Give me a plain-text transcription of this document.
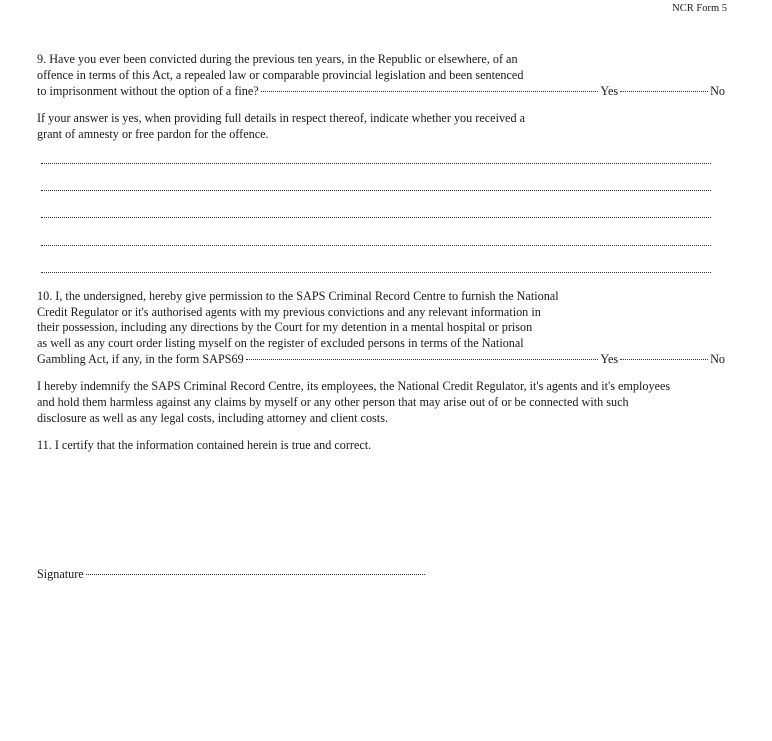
NCR Form 5
9. Have you ever been convicted during the previous ten years, in the Republic or elsewhere, of an
offence in terms of this Act, a repealed law or comparable provincial legislation and been sentenced
to imprisonment without the option of a fine?	Yes	No
If your answer is yes, when providing full details in respect thereof, indicate whether you received a
grant of amnesty or free pardon for the offence.
10. I, the undersigned, hereby give permission to the SAPS Criminal Record Centre to furnish the National
Credit Regulator or it's authorised agents with my previous convictions and any relevant information in
their possession, including any directions by the Court for my detention in a mental hospital or prison
as well as any court order listing myself on the register of excluded persons in terms of the National
Gambling Act, if any, in the form SAPS69	Yes	No
I hereby indemnify the SAPS Criminal Record Centre, its employees, the National Credit Regulator, it's agents and it's employees
and hold them harmless against any claims by myself or any other person that may arise out of or be connected with such
disclosure as well as any legal costs, including attorney and client costs.
11. I certify that the information contained herein is true and correct.
Signature
